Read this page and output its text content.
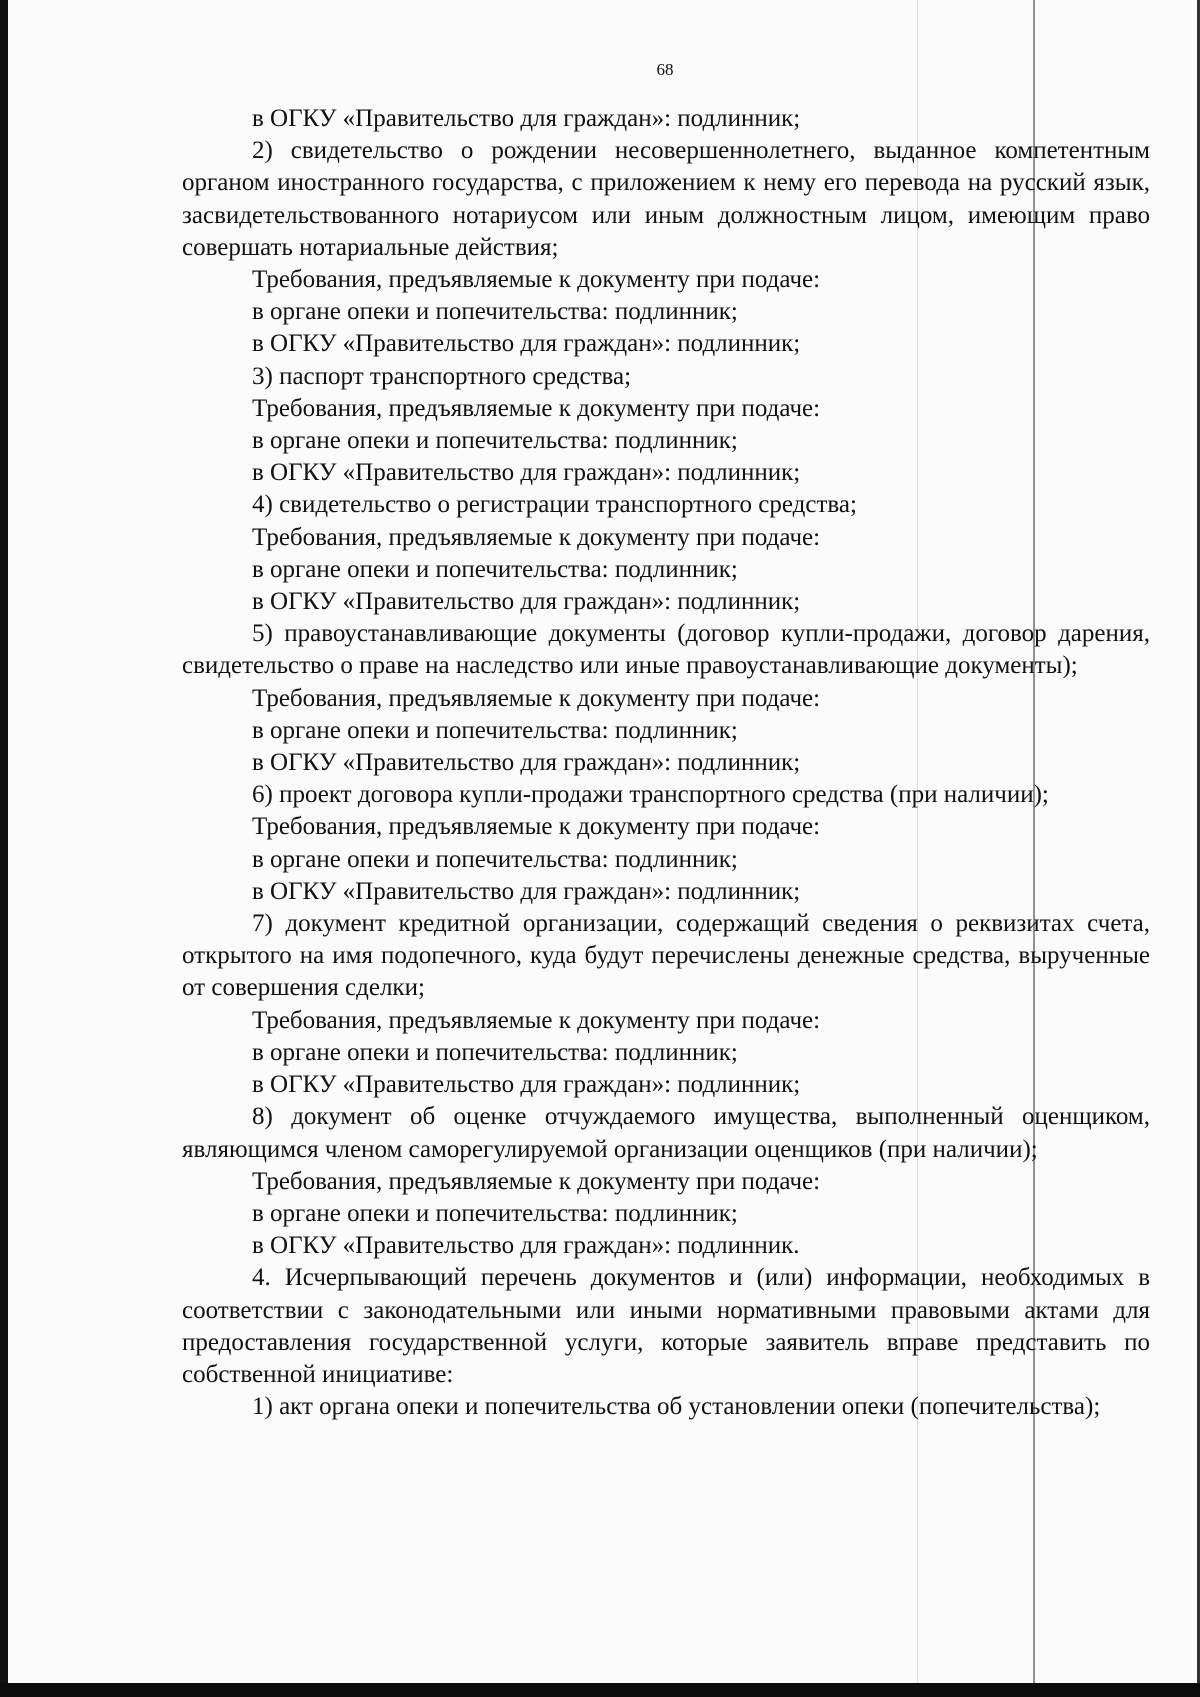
68

в ОГКУ «Правительство для граждан»: подлинник;

2) свидетельство о рождении несовершеннолетнего, выданное компетентным органом иностранного государства, с приложением к нему его перевода на русский язык, засвидетельствованного нотариусом или иным должностным лицом, имеющим право совершать нотариальные действия;

Требования, предъявляемые к документу при подаче:

в органе опеки и попечительства: подлинник;

в ОГКУ «Правительство для граждан»: подлинник;

3) паспорт транспортного средства;

Требования, предъявляемые к документу при подаче:

в органе опеки и попечительства: подлинник;

в ОГКУ «Правительство для граждан»: подлинник;

4) свидетельство о регистрации транспортного средства;

Требования, предъявляемые к документу при подаче:

в органе опеки и попечительства: подлинник;

в ОГКУ «Правительство для граждан»: подлинник;

5) правоустанавливающие документы (договор купли-продажи, договор дарения, свидетельство о праве на наследство или иные правоустанавливающие документы);

Требования, предъявляемые к документу при подаче:

в органе опеки и попечительства: подлинник;

в ОГКУ «Правительство для граждан»: подлинник;

6) проект договора купли-продажи транспортного средства (при наличии);

Требования, предъявляемые к документу при подаче:

в органе опеки и попечительства: подлинник;

в ОГКУ «Правительство для граждан»: подлинник;

7) документ кредитной организации, содержащий сведения о реквизитах счета, открытого на имя подопечного, куда будут перечислены денежные средства, вырученные от совершения сделки;

Требования, предъявляемые к документу при подаче:

в органе опеки и попечительства: подлинник;

в ОГКУ «Правительство для граждан»: подлинник;

8) документ об оценке отчуждаемого имущества, выполненный оценщиком, являющимся членом саморегулируемой организации оценщиков (при наличии);

Требования, предъявляемые к документу при подаче:

в органе опеки и попечительства: подлинник;

в ОГКУ «Правительство для граждан»: подлинник.

4. Исчерпывающий перечень документов и (или) информации, необходимых в соответствии с законодательными или иными нормативными правовыми актами для предоставления государственной услуги, которые заявитель вправе представить по собственной инициативе:

1) акт органа опеки и попечительства об установлении опеки (попечительства);
